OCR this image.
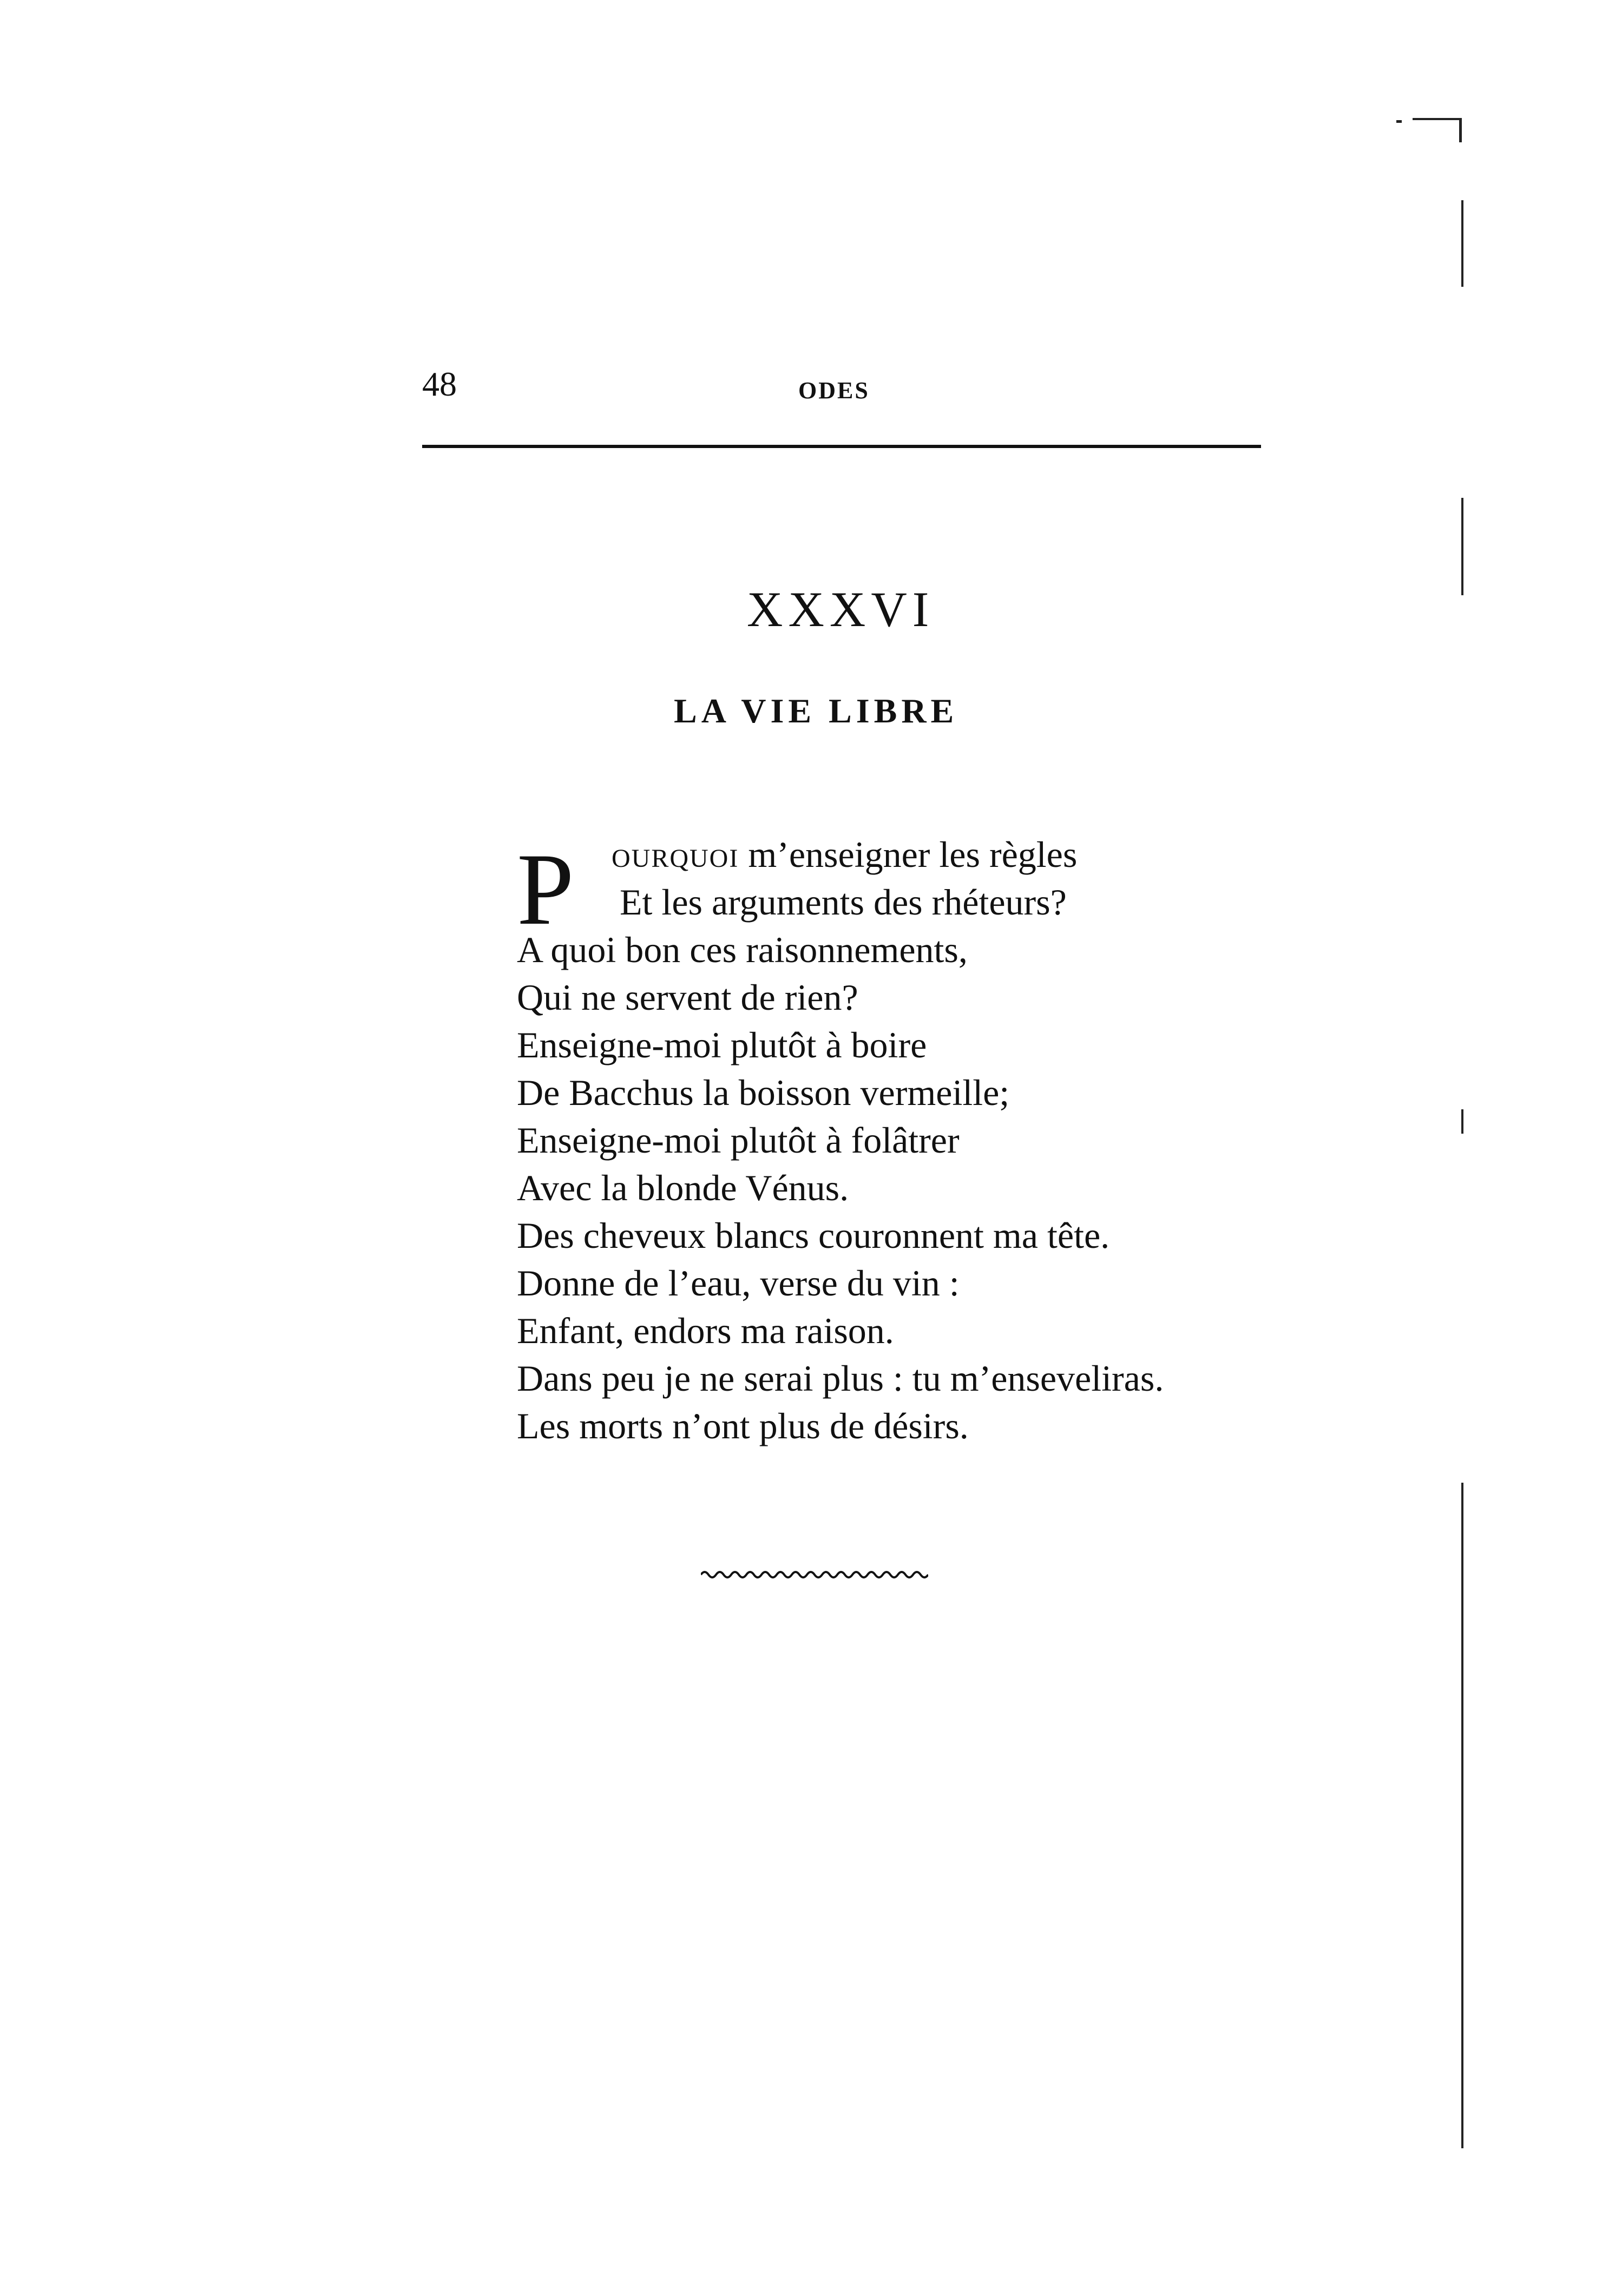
48	ODES
XXXVI
LA VIE LIBRE
P ourquoi m’enseigner les règles
Et les arguments des rhéteurs?
A quoi bon ces raisonnements,
Qui ne servent de rien?
Enseigne-moi plutôt à boire
De Bacchus la boisson vermeille;
Enseigne-moi plutôt à folâtrer
Avec la blonde Vénus.
Des cheveux blancs couronnent ma tête.
Donne de l’eau, verse du vin :
Enfant, endors ma raison.
Dans peu je ne serai plus : tu m’enseveliras.
Les morts n’ont plus de désirs.
